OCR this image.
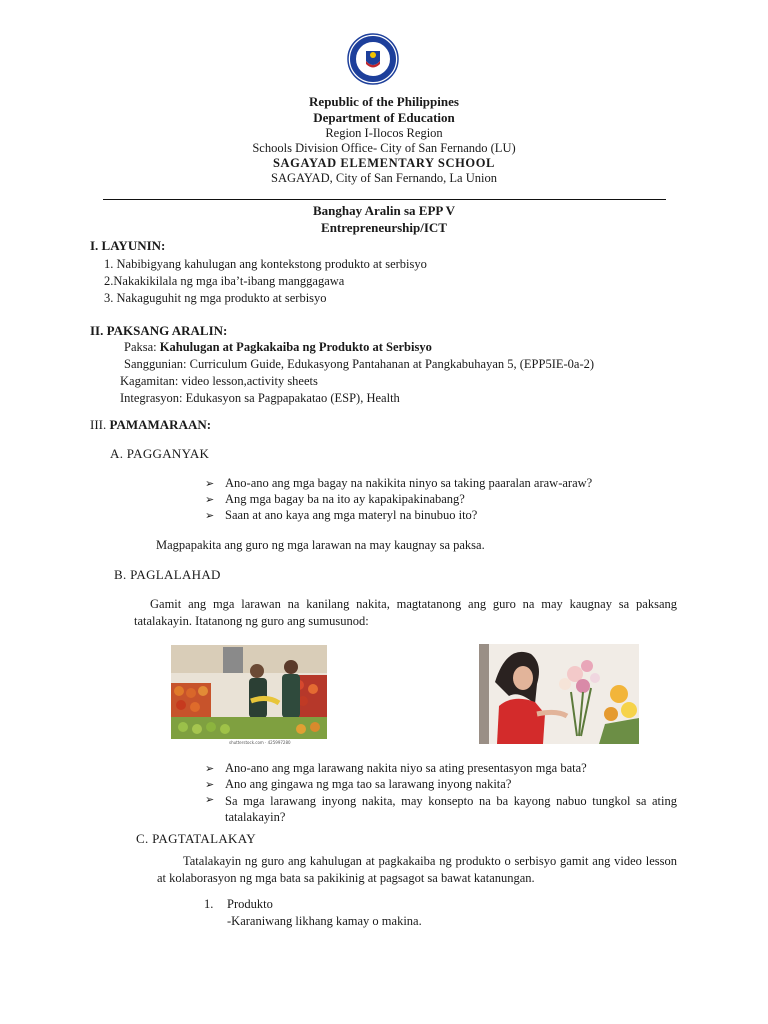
Republic of the Philippines
Department of Education
Region I-Ilocos Region
Schools Division Office- City of San Fernando (LU)
SAGAYAD ELEMENTARY SCHOOL
SAGAYAD, City of San Fernando, La Union
Banghay Aralin sa EPP V
Entrepreneurship/ICT
I. LAYUNIN:
1. Nabibigyang kahulugan ang kontekstong produkto at serbisyo
2.Nakakikilala ng mga iba’t-ibang manggagawa
3. Nakaguguhit ng mga produkto at serbisyo
II. PAKSANG ARALIN:
Paksa: Kahulugan at Pagkakaiba ng Produkto at Serbisyo
Sanggunian: Curriculum Guide, Edukasyong Pantahanan at Pangkabuhayan 5, (EPP5IE-0a-2)
Kagamitan: video lesson,activity sheets
Integrasyon: Edukasyon sa Pagpapakatao (ESP), Health
III. PAMAMARAAN:
A. PAGGANYAK
➢ Ano-ano ang mga bagay na nakikita ninyo sa taking paaralan araw-araw?
➢ Ang mga bagay ba na ito ay kapakipakinabang?
➢ Saan at ano kaya ang mga materyl na binubuo ito?
Magpapakita ang guro ng mga larawan na may kaugnay sa paksa.
B. PAGLALAHAD
Gamit ang mga larawan na kanilang nakita, magtatanong ang guro na may kaugnay sa paksang tatalakayin. Itatanong ng guro ang sumusunod:
shutterstock.com · 425997280
➢ Ano-ano ang mga larawang nakita niyo sa ating presentasyon mga bata?
➢ Ano ang gingawa ng mga tao sa larawang inyong nakita?
➢ Sa mga larawang inyong nakita, may konsepto na ba kayong nabuo tungkol sa ating tatalakayin?
C. PAGTATALAKAY
Tatalakayin ng guro ang kahulugan at pagkakaiba ng produkto o serbisyo gamit ang video lesson at kolaborasyon ng mga bata sa pakikinig at pagsagot sa bawat katanungan.
1. Produkto
-Karaniwang likhang kamay o makina.
